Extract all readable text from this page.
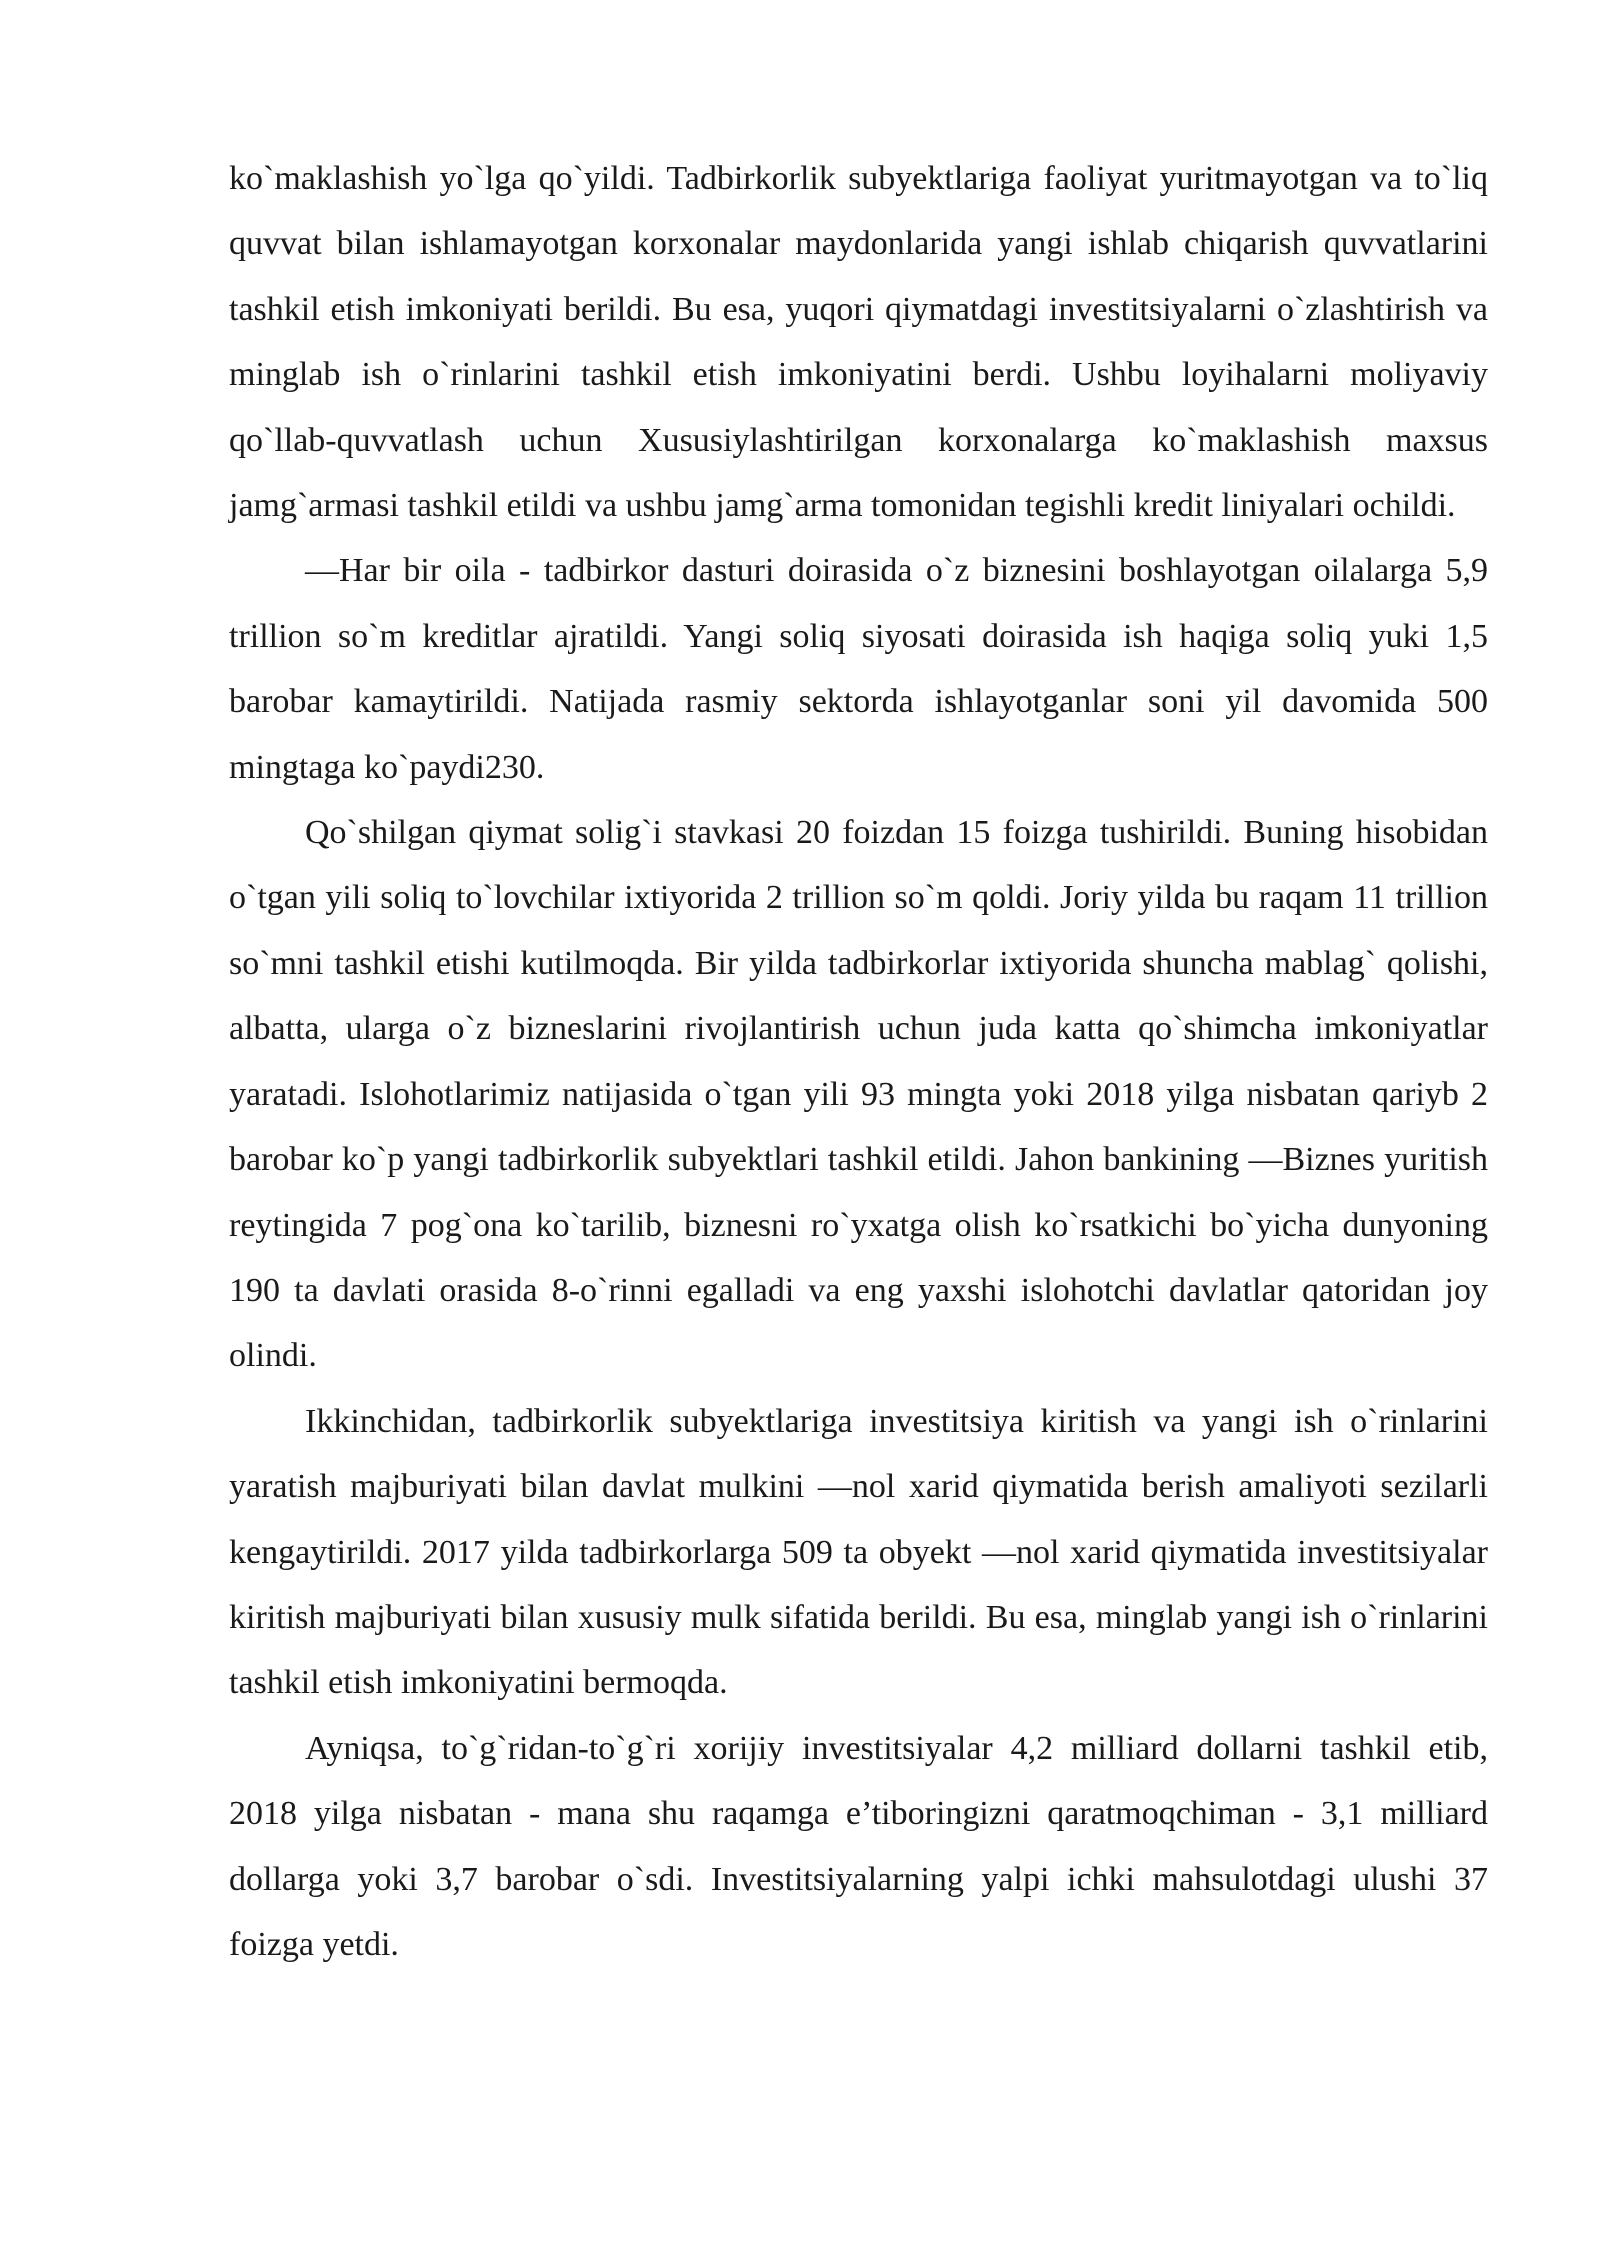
ko`maklashish yo`lga qo`yildi. Tadbirkorlik subyektlariga faoliyat yuritmayotgan va to`liq quvvat bilan ishlamayotgan korxonalar maydonlarida yangi ishlab chiqarish quvvatlarini tashkil etish imkoniyati berildi. Bu esa, yuqori qiymatdagi investitsiyalarni o`zlashtirish va minglab ish o`rinlarini tashkil etish imkoniyatini berdi. Ushbu loyihalarni moliyaviy qo`llab-quvvatlash uchun Xususiylashtirilgan korxonalarga ko`maklashish maxsus jamg`armasi tashkil etildi va ushbu jamg`arma tomonidan tegishli kredit liniyalari ochildi.

—Har bir oila - tadbirkor dasturi doirasida o`z biznesini boshlayotgan oilalarga 5,9 trillion so`m kreditlar ajratildi. Yangi soliq siyosati doirasida ish haqiga soliq yuki 1,5 barobar kamaytirildi. Natijada rasmiy sektorda ishlayotganlar soni yil davomida 500 mingtaga ko`paydi230.

Qo`shilgan qiymat solig`i stavkasi 20 foizdan 15 foizga tushirildi. Buning hisobidan o`tgan yili soliq to`lovchilar ixtiyorida 2 trillion so`m qoldi. Joriy yilda bu raqam 11 trillion so`mni tashkil etishi kutilmoqda. Bir yilda tadbirkorlar ixtiyorida shuncha mablag` qolishi, albatta, ularga o`z bizneslarini rivojlantirish uchun juda katta qo`shimcha imkoniyatlar yaratadi. Islohotlarimiz natijasida o`tgan yili 93 mingta yoki 2018 yilga nisbatan qariyb 2 barobar ko`p yangi tadbirkorlik subyektlari tashkil etildi. Jahon bankining —Biznes yuritish reytingida 7 pog`ona ko`tarilib, biznesni ro`yxatga olish ko`rsatkichi bo`yicha dunyoning 190 ta davlati orasida 8-o`rinni egalladi va eng yaxshi islohotchi davlatlar qatoridan joy olindi.

Ikkinchidan, tadbirkorlik subyektlariga investitsiya kiritish va yangi ish o`rinlarini yaratish majburiyati bilan davlat mulkini —nol xarid qiymatida berish amaliyoti sezilarli kengaytirildi. 2017 yilda tadbirkorlarga 509 ta obyekt —nol xarid qiymatida investitsiyalar kiritish majburiyati bilan xususiy mulk sifatida berildi. Bu esa, minglab yangi ish o`rinlarini tashkil etish imkoniyatini bermoqda.

Ayniqsa, to`g`ridan-to`g`ri xorijiy investitsiyalar 4,2 milliard dollarni tashkil etib, 2018 yilga nisbatan - mana shu raqamga e’tiboringizni qaratmoqchiman - 3,1 milliard dollarga yoki 3,7 barobar o`sdi. Investitsiyalarning yalpi ichki mahsulotdagi ulushi 37 foizga yetdi.
